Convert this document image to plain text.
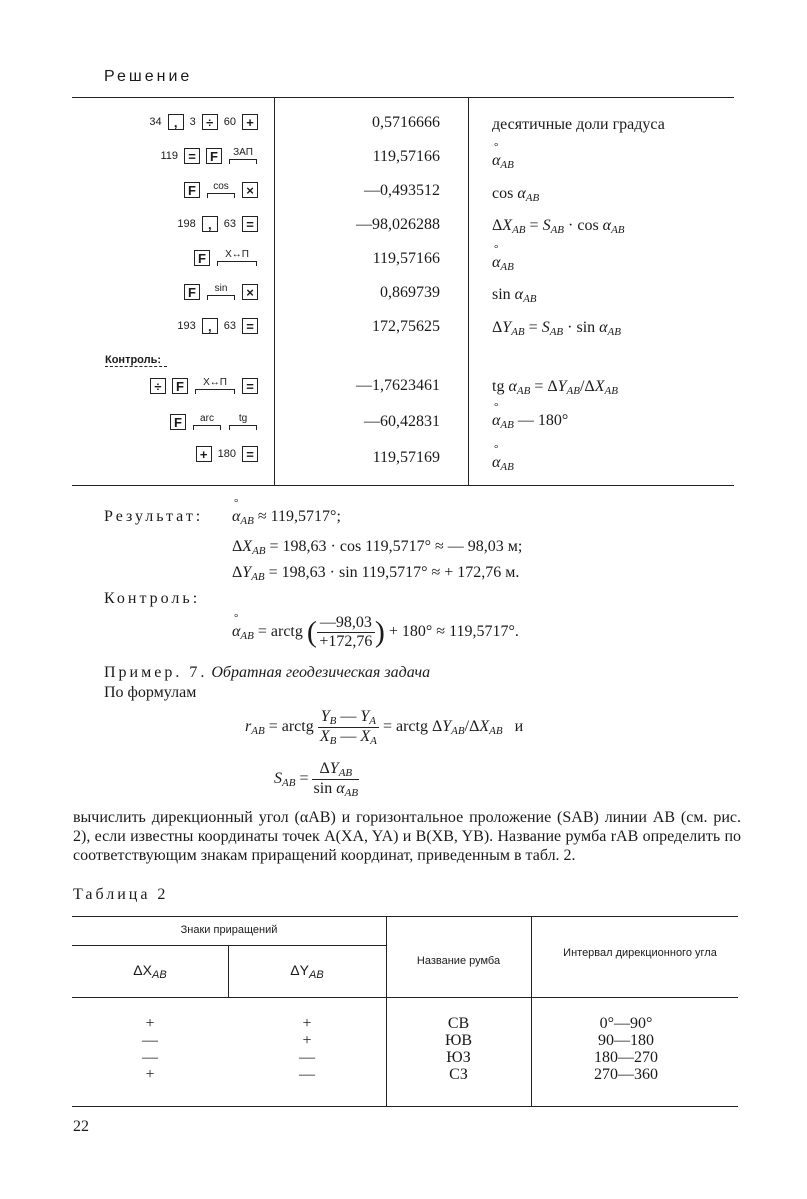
Решение
34 ,	3 ÷ 60 +
119 =	F	ЗАП
F	cos	×
198 ,	63 =
F	X↔П
F	sin	×
193 ,	63 =
Контроль:
÷	F	X↔П	=
F	arc tg
+ 180 =
0,5716666
119,57166
—0,493512
—98,026288
119,57166
0,869739
172,75625
—1,7623461
—60,42831
119,57169
десятичные доли градуса
° $\alpha_{AB}$
$\cos \alpha_{AB}$
$\Delta X_{AB} = S_{AB} \cdot \cos \alpha_{AB}$
° $\alpha_{AB}$
$\sin \alpha_{AB}$
$\Delta Y_{AB} = S_{AB} \cdot \sin \alpha_{AB}$
tg $\alpha_{AB} = \Delta Y_{AB}/\Delta X_{AB}$
° $\alpha_{AB}$ — 180°
° $\alpha_{AB}$
Результат:
° $\alpha_{AB} \approx 119,5717^\circ$;
$\Delta X_{AB} = 198,63 \cdot \cos 119,5717^\circ$ ≈ — 98,03 м;
$\Delta Y_{AB} = 198,63 \cdot \sin 119,5717^\circ$ ≈ + 172,76 м.
Контроль:
° $\alpha_{AB}$ = arctg ( $\frac{—98,03}{+172,76}$ ) + 180° ≈ 119,5717°.
Пример. 7. Обратная геодезическая задача
По формулам
$r_{AB}$ = arctg $\frac{Y_B — Y_A}{X_B — X_A}$ = arctg $\Delta Y_{AB}/\Delta X_{AB}$   и
$S_{AB} = \frac{\Delta Y_{AB}}{\sin \alpha_{AB}}$
вычислить дирекционный угол (αAB) и горизонтальное проложение (SAB) линии AB (см. рис. 2), если известны координаты точек A(XA, YA) и B(XB, YB). Название румба rAB определить по соответствующим знакам приращений координат, приведенным в табл. 2.
Таблица 2
Знаки приращений
$\Delta X_{AB}$	$\Delta Y_{AB}$
Название румба
Интервал дирекционного угла
+	+	СВ	0°—90°
—	+	ЮВ	90—180
—	—	ЮЗ	180—270
+	—	СЗ	270—360
22
